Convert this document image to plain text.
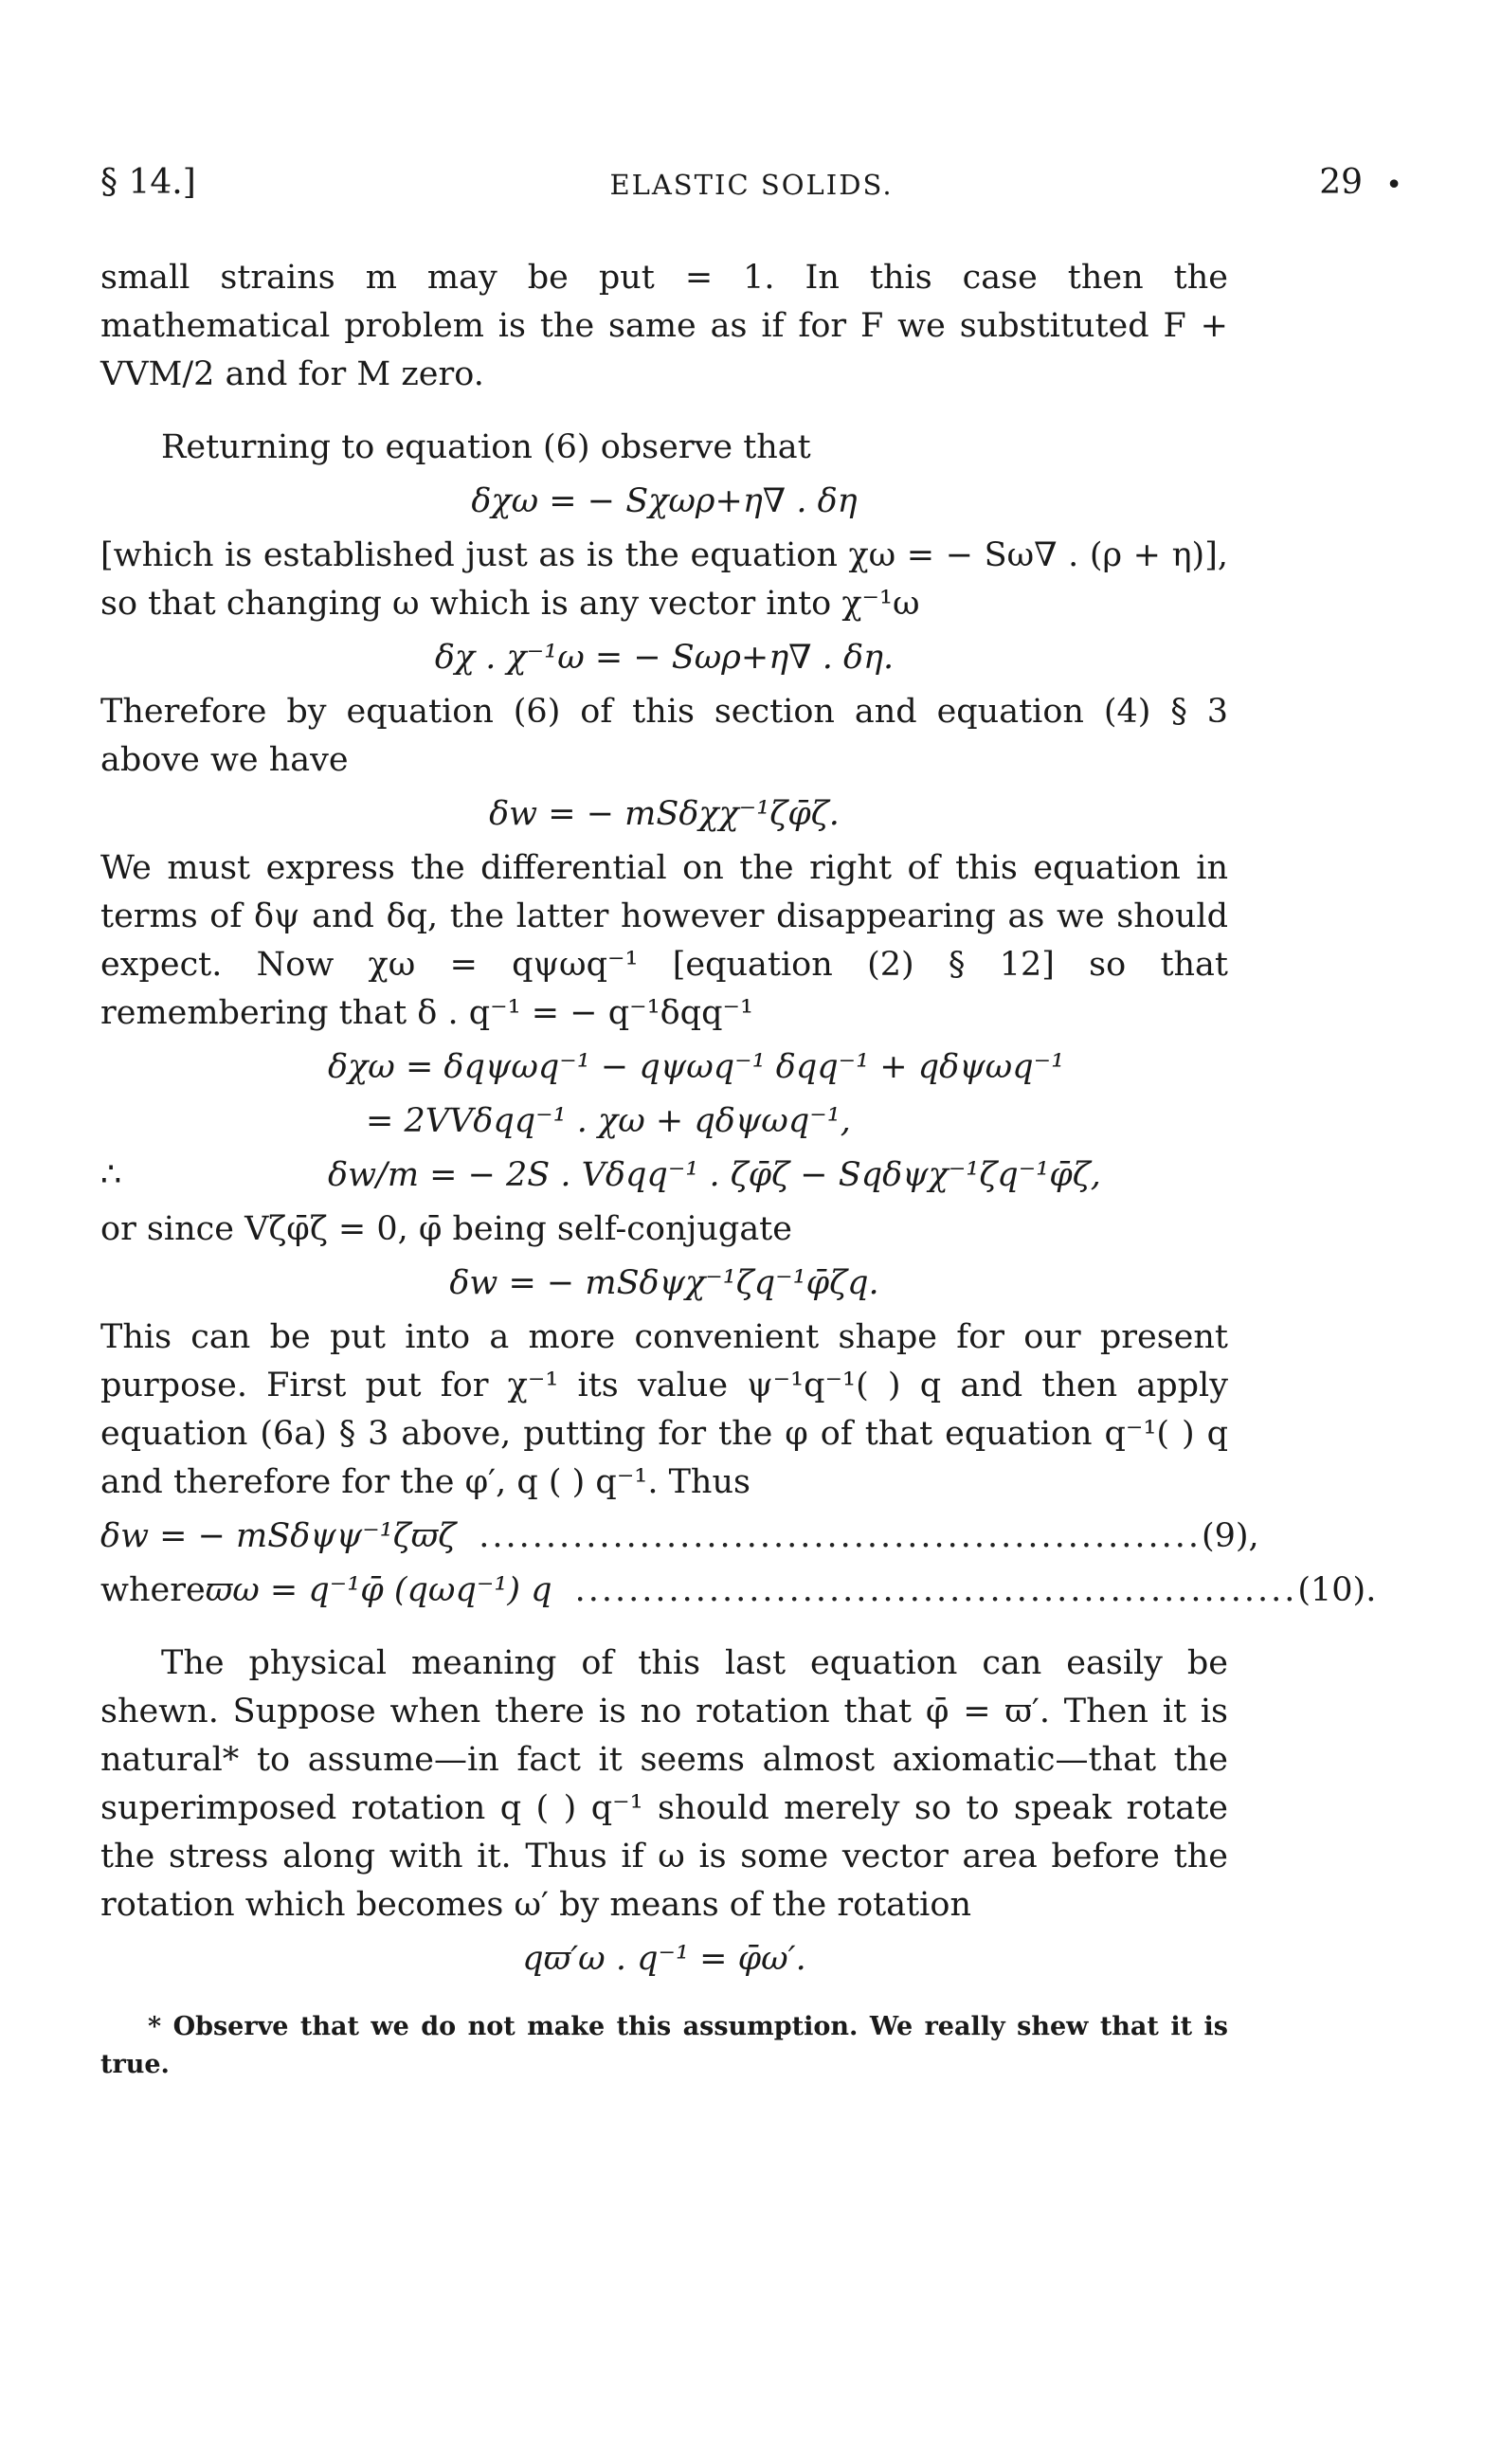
§ 14.]	ELASTIC SOLIDS.	29 •

small strains m may be put = 1. In this case then the mathematical problem is the same as if for F we substituted F + VVM/2 and for M zero.

Returning to equation (6) observe that

δχω = − Sχωρ+η∇ . δη

[which is established just as is the equation χω = − Sω∇ . (ρ + η)], so that changing ω which is any vector into χ⁻¹ω

δχ . χ⁻¹ω = − Sωρ+η∇ . δη.

Therefore by equation (6) of this section and equation (4) § 3 above we have

δw = − mSδχχ⁻¹ζφ̄ζ.

We must express the differential on the right of this equation in terms of δψ and δq, the latter however disappearing as we should expect. Now χω = qψωq⁻¹ [equation (2) § 12] so that remembering that δ . q⁻¹ = − q⁻¹δqq⁻¹

δχω = δqψωq⁻¹ − qψωq⁻¹ δqq⁻¹ + qδψωq⁻¹
= 2VVδqq⁻¹ . χω + qδψωq⁻¹,
∴	δw/m = − 2S . Vδqq⁻¹ . ζφ̄ζ − Sqδψχ⁻¹ζq⁻¹φ̄ζ,

or since Vζφ̄ζ = 0, φ̄ being self-conjugate

δw = − mSδψχ⁻¹ζq⁻¹φ̄ζq.

This can be put into a more convenient shape for our present purpose. First put for χ⁻¹ its value ψ⁻¹q⁻¹( ) q and then apply equation (6a) § 3 above, putting for the φ of that equation q⁻¹( ) q and therefore for the φ′, q ( ) q⁻¹. Thus

δw = − mSδψψ⁻¹ζϖζ ...................................................... (9),
where ϖω = q⁻¹φ̄ (qωq⁻¹) q ...................................................... (10).

The physical meaning of this last equation can easily be shewn. Suppose when there is no rotation that φ̄ = ϖ′. Then it is natural* to assume—in fact it seems almost axiomatic—that the superimposed rotation q ( ) q⁻¹ should merely so to speak rotate the stress along with it. Thus if ω is some vector area before the rotation which becomes ω′ by means of the rotation

qϖ′ω . q⁻¹ = φ̄ω′.

* Observe that we do not make this assumption. We really shew that it is true.
